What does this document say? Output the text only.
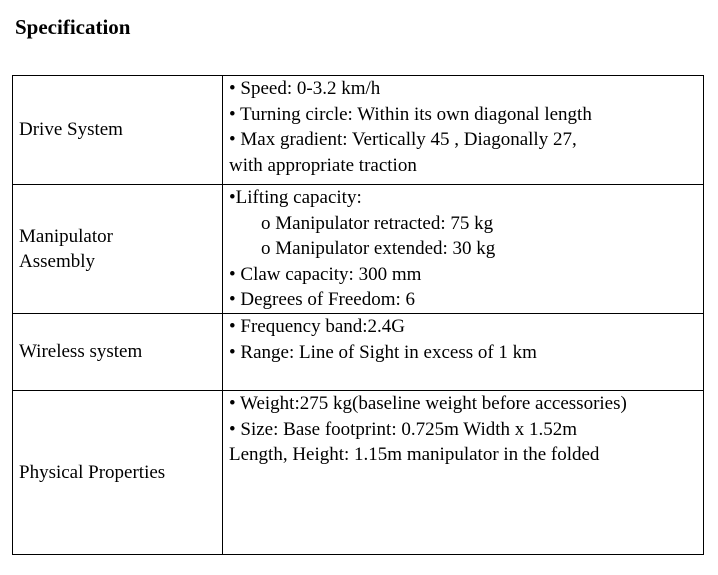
Specification
Drive System	• Speed: 0-3.2 km/h
• Turning circle: Within its own diagonal length
• Max gradient: Vertically 45 , Diagonally 27,
with appropriate traction

Manipulator
Assembly	•Lifting capacity:
o Manipulator retracted: 75 kg
o Manipulator extended: 30 kg
• Claw capacity: 300 mm
• Degrees of Freedom: 6

Wireless system	• Frequency band:2.4G
• Range: Line of Sight in excess of 1 km

Physical Properties	• Weight:275 kg(baseline weight before accessories)
• Size: Base footprint: 0.725m Width x 1.52m
Length, Height: 1.15m manipulator in the folded
